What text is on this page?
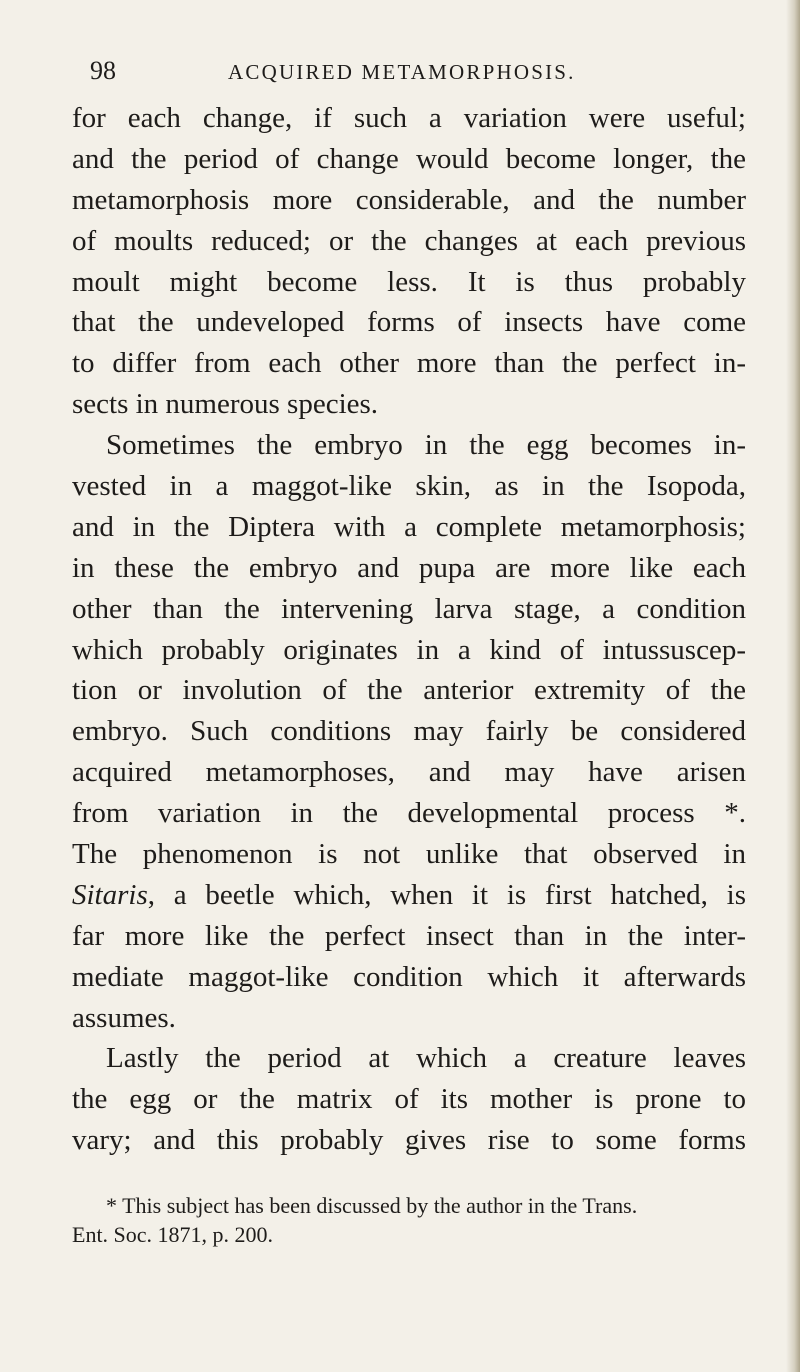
98	ACQUIRED METAMORPHOSIS.
for each change, if such a variation were useful;
and the period of change would become longer, the
metamorphosis more considerable, and the number
of moults reduced; or the changes at each previous
moult might become less. It is thus probably
that the undeveloped forms of insects have come
to differ from each other more than the perfect in-
sects in numerous species.
Sometimes the embryo in the egg becomes in-
vested in a maggot-like skin, as in the Isopoda,
and in the Diptera with a complete metamorphosis;
in these the embryo and pupa are more like each
other than the intervening larva stage, a condition
which probably originates in a kind of intussuscep-
tion or involution of the anterior extremity of the
embryo. Such conditions may fairly be considered
acquired metamorphoses, and may have arisen
from variation in the developmental process *.
The phenomenon is not unlike that observed in
Sitaris, a beetle which, when it is first hatched, is
far more like the perfect insect than in the inter-
mediate maggot-like condition which it afterwards
assumes.
Lastly the period at which a creature leaves
the egg or the matrix of its mother is prone to
vary; and this probably gives rise to some forms
* This subject has been discussed by the author in the Trans.
Ent. Soc. 1871, p. 200.
